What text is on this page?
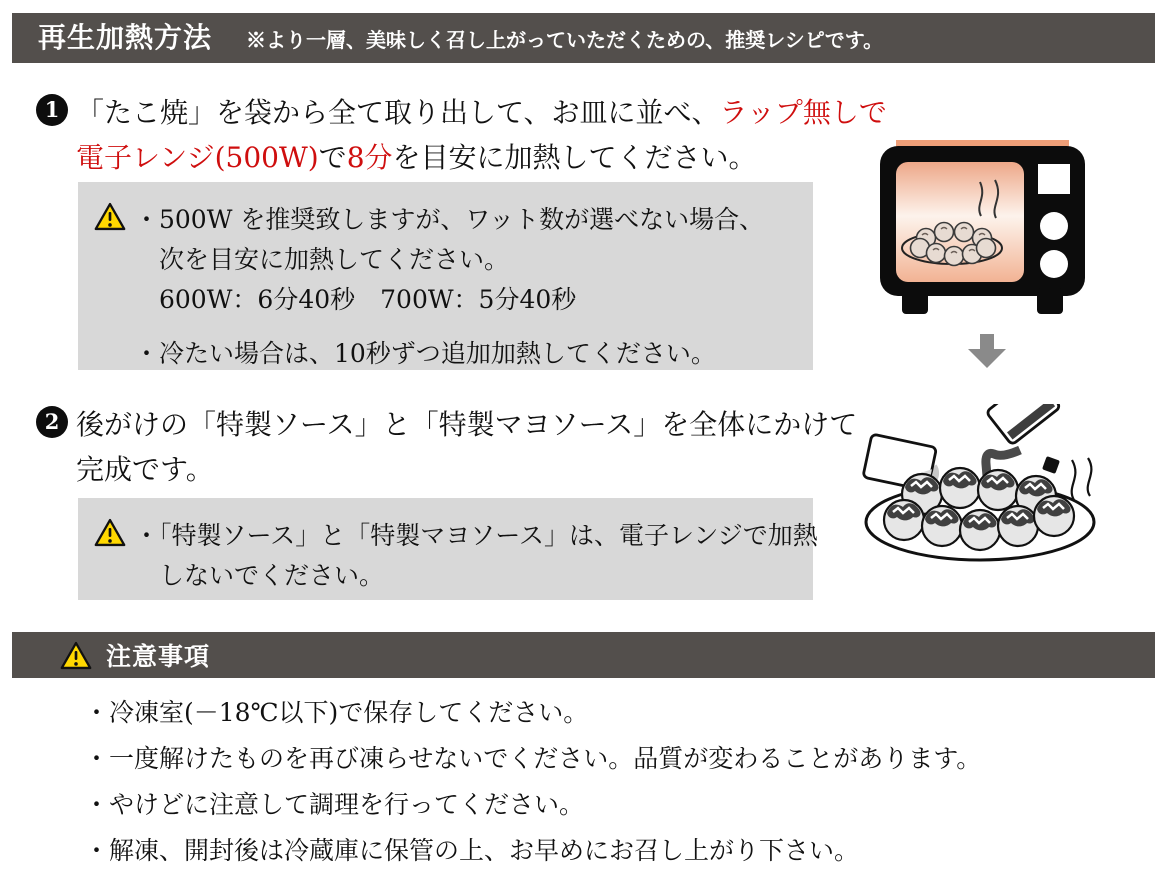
再生加熱方法 ※より一層、美味しく召し上がっていただくための、推奨レシピです。
1 「たこ焼」を袋から全て取り出して、お皿に並べ、ラップ無しで
電子レンジ(500W)で8分を目安に加熱してください。
・500W を推奨致しますが、ワット数が選べない場合、
次を目安に加熱してください。
600W：6分40秒　700W：5分40秒
・冷たい場合は、10秒ずつ追加加熱してください。
2 後がけの「特製ソース」と「特製マヨソース」を全体にかけて
完成です。
・「特製ソース」と「特製マヨソース」は、電子レンジで加熱
しないでください。
注意事項
・冷凍室(－18℃以下)で保存してください。
・一度解けたものを再び凍らせないでください。品質が変わることがあります。
・やけどに注意して調理を行ってください。
・解凍、開封後は冷蔵庫に保管の上、お早めにお召し上がり下さい。
